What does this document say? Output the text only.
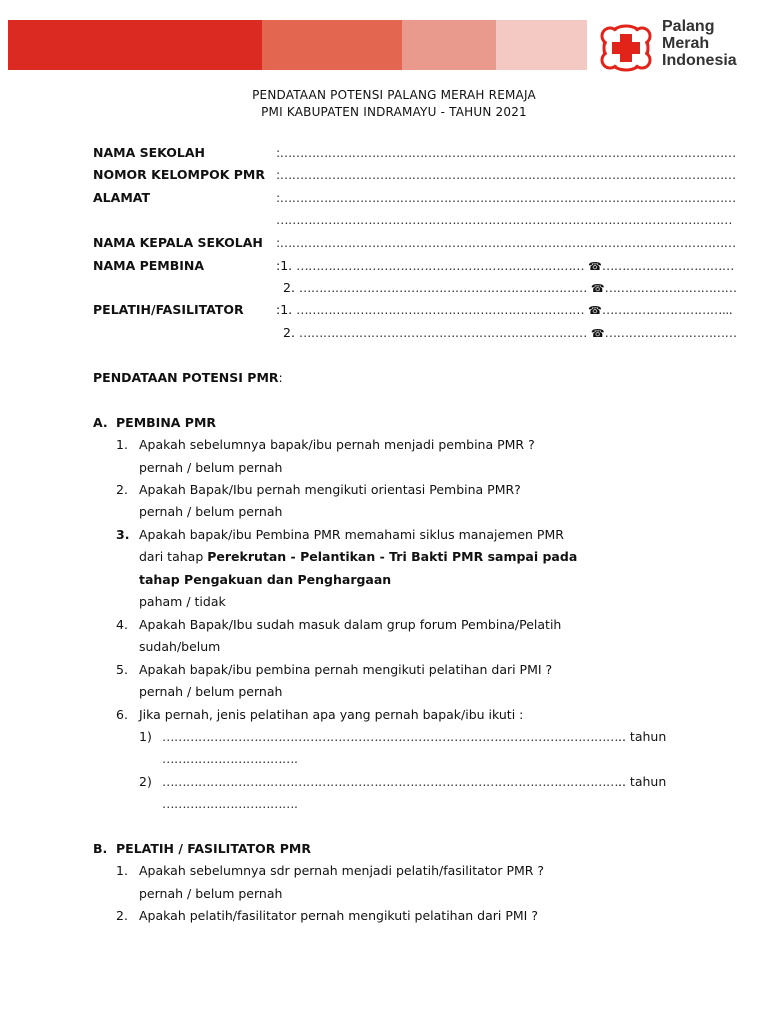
Palang
Merah
Indonesia
PENDATAAN POTENSI PALANG MERAH REMAJA
PMI KABUPATEN INDRAMAYU - TAHUN 2021
NAMA SEKOLAH	:……………………………………………………………………………………………………
NOMOR KELOMPOK PMR :……………………………………………………………………………………………………
ALAMAT	:……………………………………………………………………………………………………
……………………………………………………………………………………………………
NAMA KEPALA SEKOLAH :……………………………………………………………………………………………………
NAMA PEMBINA	:1. ……………………………………………………………… ☎……………………………
2. ……………………………………………………………… ☎……………………………
PELATIH/FASILITATOR	:1. ……………………………………………………………… ☎…………………………...
2. ……………………………………………………………… ☎……………………………
PENDATAAN POTENSI PMR:
A. PEMBINA PMR
1. Apakah sebelumnya bapak/ibu pernah menjadi pembina PMR ?
pernah / belum pernah
2. Apakah Bapak/Ibu pernah mengikuti orientasi Pembina PMR?
pernah / belum pernah
3. Apakah bapak/ibu Pembina PMR memahami siklus manajemen PMR
dari tahap Perekrutan - Pelantikan - Tri Bakti PMR sampai pada
tahap Pengakuan dan Penghargaan
paham / tidak
4. Apakah Bapak/Ibu sudah masuk dalam grup forum Pembina/Pelatih
sudah/belum
5. Apakah bapak/ibu pembina pernah mengikuti pelatihan dari PMI ?
pernah / belum pernah
6. Jika pernah, jenis pelatihan apa yang pernah bapak/ibu ikuti :
1) …………………………………………………………………………………………………….. tahun
…………………………….
2) …………………………………………………………………………………………………….. tahun
…………………………….
B. PELATIH / FASILITATOR PMR
1. Apakah sebelumnya sdr pernah menjadi pelatih/fasilitator PMR ?
pernah / belum pernah
2. Apakah pelatih/fasilitator pernah mengikuti pelatihan dari PMI ?
